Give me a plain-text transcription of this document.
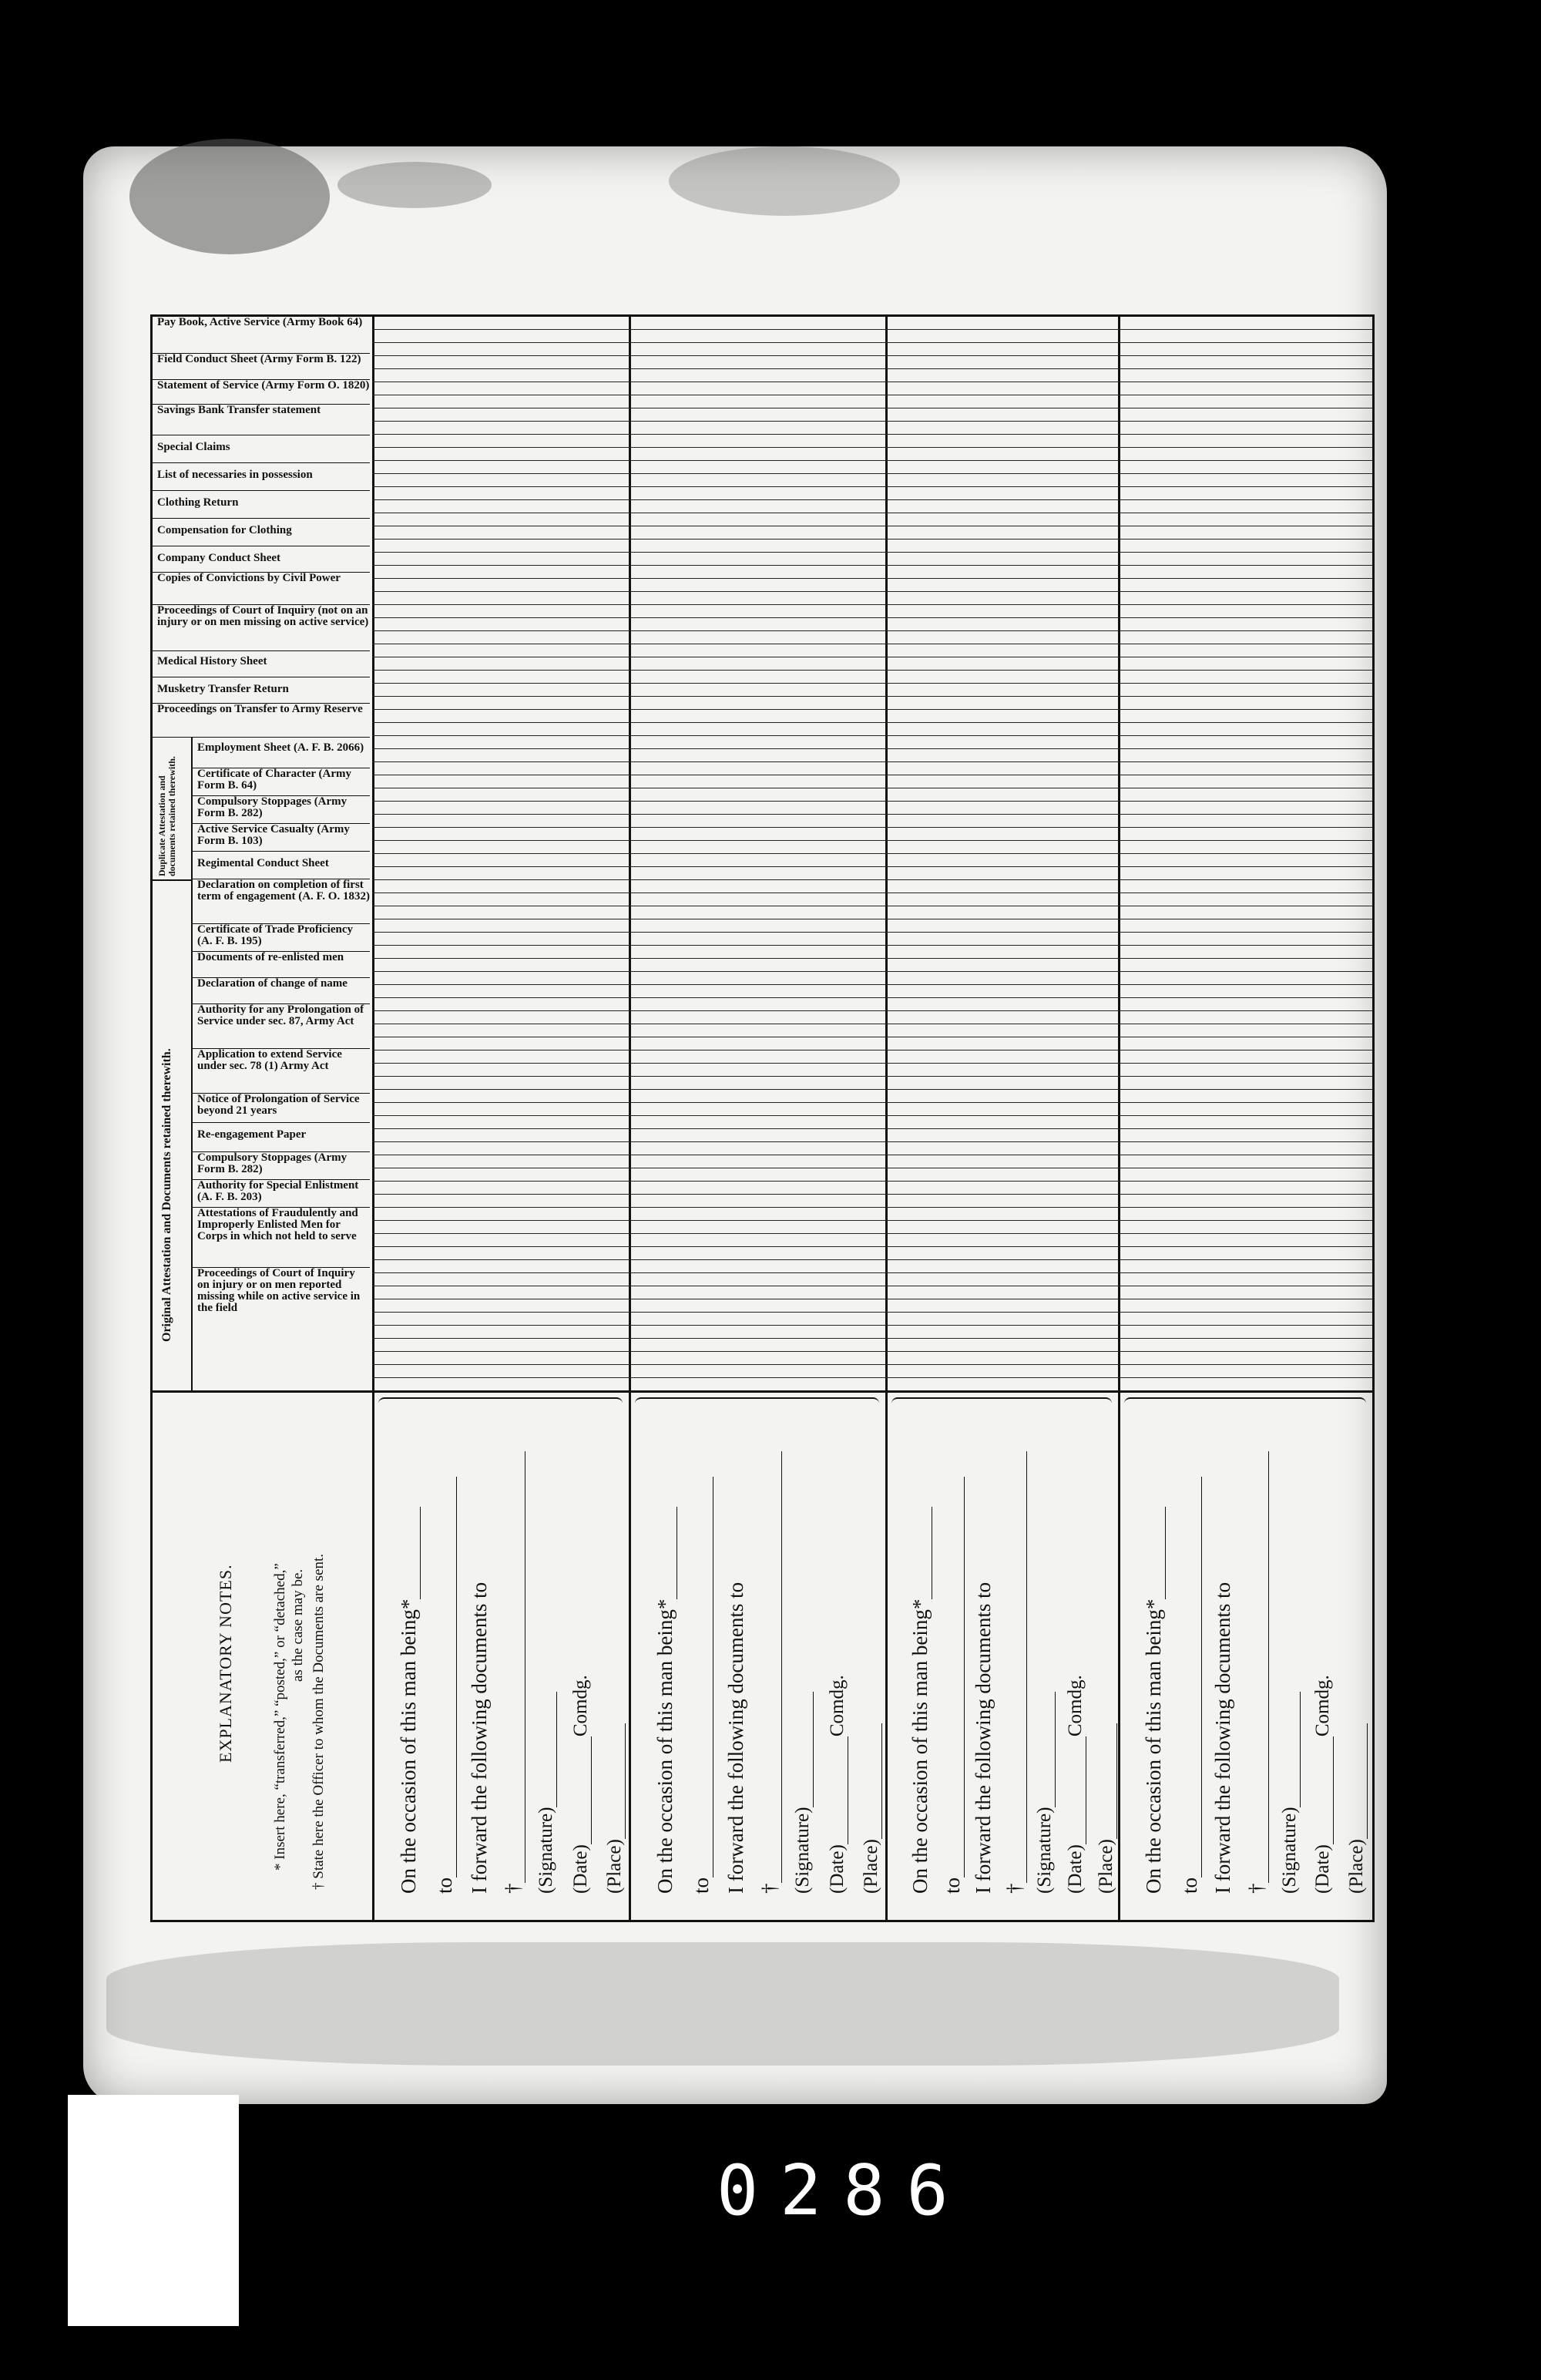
Pay Book, Active Service (Army Book 64)
Field Conduct Sheet (Army Form B. 122)
Statement of Service (Army Form O. 1820)
Savings Bank Transfer statement
Special Claims
List of necessaries in possession
Clothing Return
Compensation for Clothing
Company Conduct Sheet
Copies of Convictions by Civil Power
Proceedings of Court of Inquiry (not on an injury or on men missing on active service)
Medical History Sheet
Musketry Transfer Return
Proceedings on Transfer to Army Reserve
Duplicate Attestation and documents retained therewith.
Employment Sheet (A. F. B. 2066)
Certificate of Character (Army Form B. 64)
Compulsory Stoppages (Army Form B. 282)
Active Service Casualty (Army Form B. 103)
Regimental Conduct Sheet
Original Attestation and Documents retained therewith.
Declaration on completion of first term of engagement (A. F. O. 1832)
Certificate of Trade Proficiency (A. F. B. 195)
Documents of re-enlisted men
Declaration of change of name
Authority for any Prolongation of Service under sec. 87, Army Act
Application to extend Service under sec. 78 (1) Army Act
Notice of Prolongation of Service beyond 21 years
Re-engagement Paper
Compulsory Stoppages (Army Form B. 282)
Authority for Special Enlistment (A. F. B. 203)
Attestations of Fraudulently and Improperly Enlisted Men for Corps in which not held to serve
Proceedings of Court of Inquiry on injury or on men reported missing while on active service in the field
EXPLANATORY NOTES.	* Insert here, “transferred,” “posted,” or “detached,” as the case may be. † State here the Officer to whom the Documents are sent.	On the occasion of this man being* to I forward the following documents to † (Signature) (Date)Comdg.
(Place) On the occasion of this man being* to I forward the following documents to † (Signature) (Date)Comdg.
(Place) On the occasion of this man being* to I forward the following documents to † (Signature) (Date)Comdg.
(Place) On the occasion of this man being* to I forward the following documents to † (Signature) (Date)Comdg.
(Place)
0286
